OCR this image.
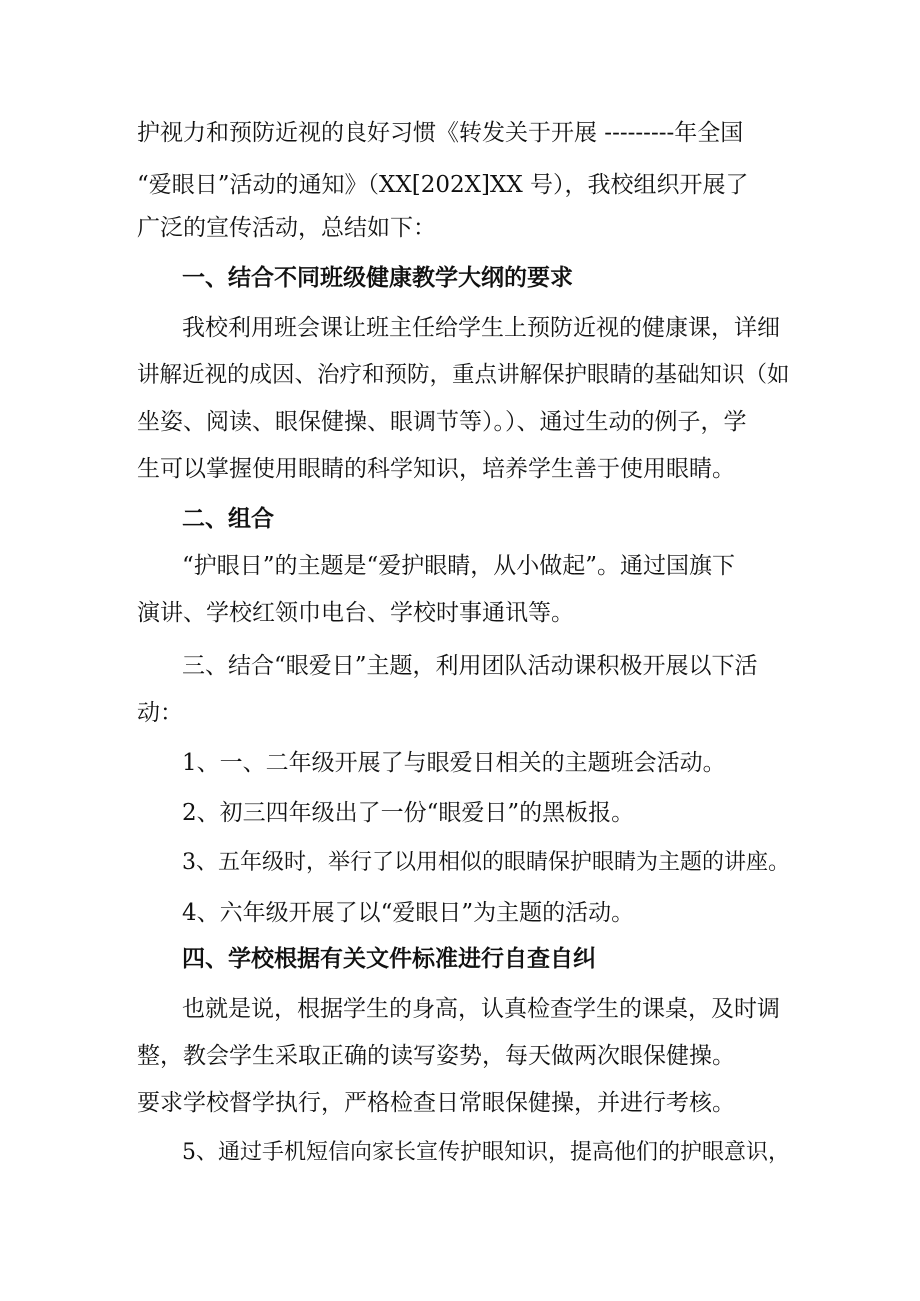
护视力和预防近视的良好习惯《转发关于开展 ---------年全国
“爱眼日”活动的通知》（XX[202X]XX 号），我校组织开展了
广泛的宣传活动，总结如下：
一、结合不同班级健康教学大纲的要求
我校利用班会课让班主任给学生上预防近视的健康课，详细
讲解近视的成因、治疗和预防，重点讲解保护眼睛的基础知识（如
坐姿、阅读、眼保健操、眼调节等）。）、通过生动的例子，学
生可以掌握使用眼睛的科学知识，培养学生善于使用眼睛。
二、组合
“护眼日”的主题是“爱护眼睛，从小做起”。通过国旗下
演讲、学校红领巾电台、学校时事通讯等。
三、结合“眼爱日”主题，利用团队活动课积极开展以下活
动：
1、一、二年级开展了与眼爱日相关的主题班会活动。
2、初三四年级出了一份“眼爱日”的黑板报。
3、五年级时，举行了以用相似的眼睛保护眼睛为主题的讲座。
4、六年级开展了以“爱眼日”为主题的活动。
四、学校根据有关文件标准进行自查自纠
也就是说，根据学生的身高，认真检查学生的课桌，及时调
整，教会学生采取正确的读写姿势，每天做两次眼保健操。
要求学校督学执行，严格检查日常眼保健操，并进行考核。
5、通过手机短信向家长宣传护眼知识，提高他们的护眼意识，
